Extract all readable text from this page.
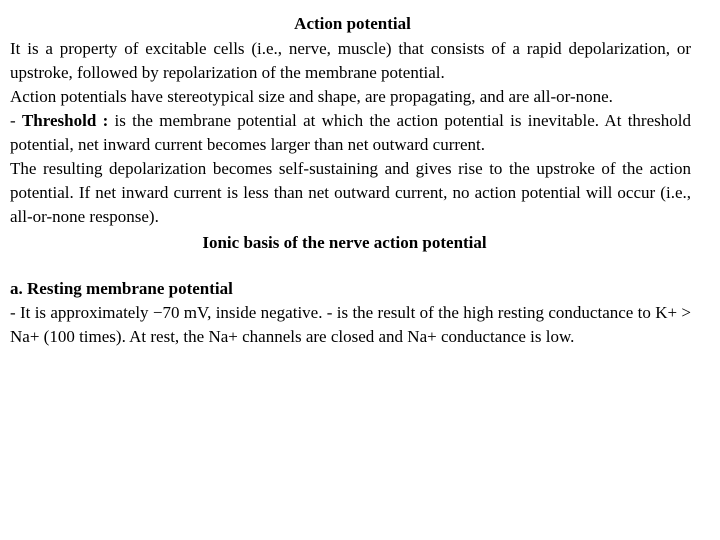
Action potential

It is a property of excitable cells (i.e., nerve, muscle) that consists of a rapid depolarization, or upstroke, followed by repolarization of the membrane potential.

Action potentials have stereotypical size and shape, are propagating, and are all-or-none.

- Threshold : is the membrane potential at which the action potential is inevitable. At threshold potential, net inward current becomes larger than net outward current.

The resulting depolarization becomes self-sustaining and gives rise to the upstroke of the action potential. If net inward current is less than net outward current, no action potential will occur (i.e., all-or-none response).

Ionic basis of the nerve action potential
a. Resting membrane potential

- It is approximately −70 mV, inside negative. - is the result of the high resting conductance to K+ > Na+ (100 times). At rest, the Na+ channels are closed and Na+ conductance is low.
